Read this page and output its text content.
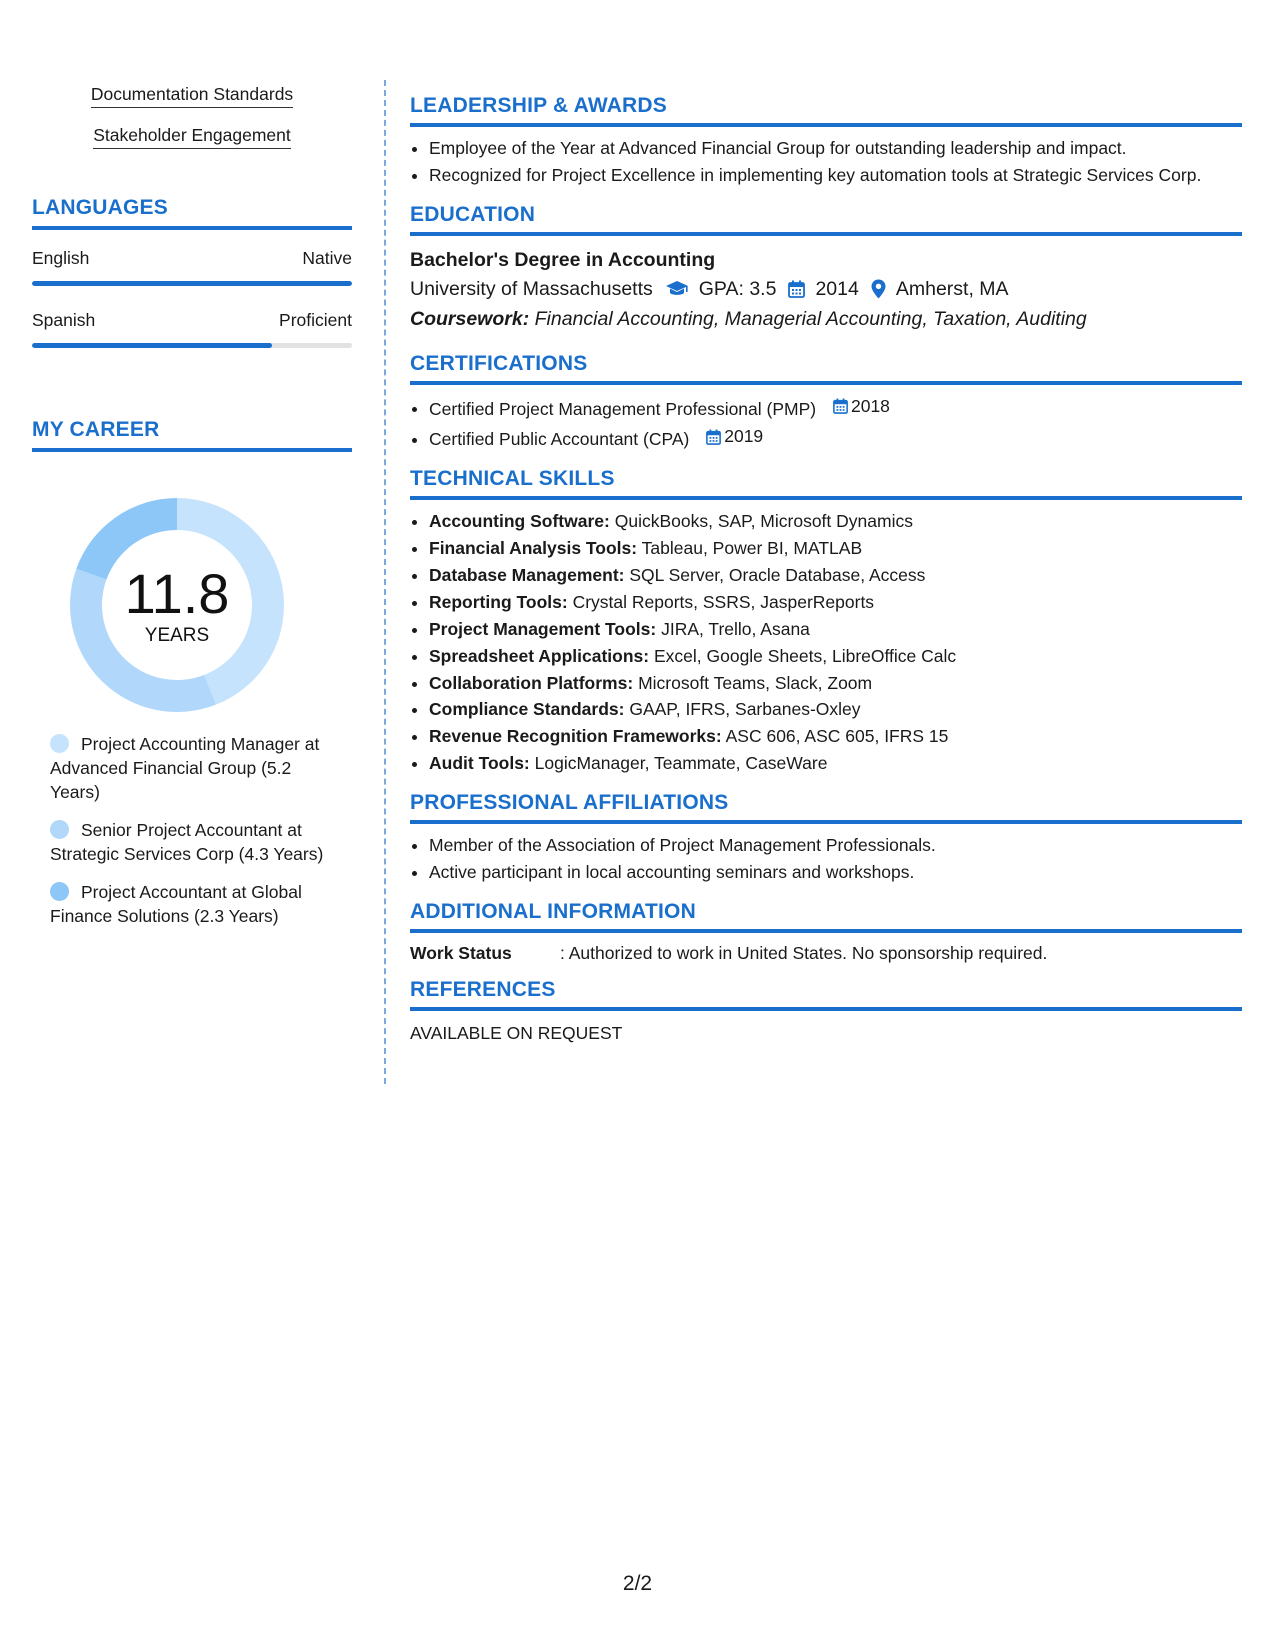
Documentation Standards
Stakeholder Engagement
LANGUAGES
English	Native
Spanish	Proficient
MY CAREER
11.8
YEARS
Project Accounting Manager at Advanced Financial Group (5.2 Years)
Senior Project Accountant at Strategic Services Corp (4.3 Years)
Project Accountant at Global Finance Solutions (2.3 Years)
LEADERSHIP & AWARDS
• Employee of the Year at Advanced Financial Group for outstanding leadership and impact.
• Recognized for Project Excellence in implementing key automation tools at Strategic Services Corp.
EDUCATION
Bachelor's Degree in Accounting
University of Massachusetts GPA: 3.5 2014 Amherst, MA
Coursework: Financial Accounting, Managerial Accounting, Taxation, Auditing
CERTIFICATIONS
• Certified Project Management Professional (PMP) 2018
• Certified Public Accountant (CPA) 2019
TECHNICAL SKILLS
• Accounting Software: QuickBooks, SAP, Microsoft Dynamics
• Financial Analysis Tools: Tableau, Power BI, MATLAB
• Database Management: SQL Server, Oracle Database, Access
• Reporting Tools: Crystal Reports, SSRS, JasperReports
• Project Management Tools: JIRA, Trello, Asana
• Spreadsheet Applications: Excel, Google Sheets, LibreOffice Calc
• Collaboration Platforms: Microsoft Teams, Slack, Zoom
• Compliance Standards: GAAP, IFRS, Sarbanes-Oxley
• Revenue Recognition Frameworks: ASC 606, ASC 605, IFRS 15
• Audit Tools: LogicManager, Teammate, CaseWare
PROFESSIONAL AFFILIATIONS
• Member of the Association of Project Management Professionals.
• Active participant in local accounting seminars and workshops.
ADDITIONAL INFORMATION
Work Status	: Authorized to work in United States. No sponsorship required.
REFERENCES
AVAILABLE ON REQUEST
2/2
